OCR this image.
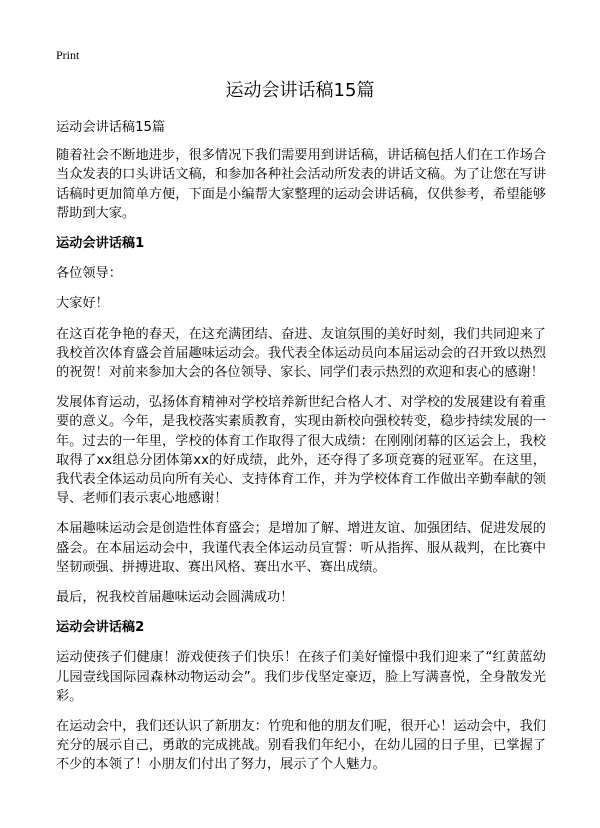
Print
运动会讲话稿15篇

运动会讲话稿15篇

随着社会不断地进步，很多情况下我们需要用到讲话稿，讲话稿包括人们在工作场合当众发表的口头讲话文稿，和参加各种社会活动所发表的讲话文稿。为了让您在写讲话稿时更加简单方便，下面是小编帮大家整理的运动会讲话稿，仅供参考，希望能够帮助到大家。

运动会讲话稿1

各位领导：

大家好！

在这百花争艳的春天，在这充满团结、奋进、友谊氛围的美好时刻，我们共同迎来了我校首次体育盛会首届趣味运动会。我代表全体运动员向本届运动会的召开致以热烈的祝贺！对前来参加大会的各位领导、家长、同学们表示热烈的欢迎和衷心的感谢！

发展体育运动，弘扬体育精神对学校培养新世纪合格人才、对学校的发展建设有着重要的意义。今年，是我校落实素质教育，实现由新校向强校转变，稳步持续发展的一年。过去的一年里，学校的体育工作取得了很大成绩：在刚刚闭幕的区运会上，我校取得了xx组总分团体第xx的好成绩，此外，还夺得了多项竞赛的冠亚军。在这里，我代表全体运动员向所有关心、支持体育工作，并为学校体育工作做出辛勤奉献的领导、老师们表示衷心地感谢！

本届趣味运动会是创造性体育盛会；是增加了解、增进友谊、加强团结、促进发展的盛会。在本届运动会中，我谨代表全体运动员宣誓：听从指挥、服从裁判，在比赛中坚韧顽强、拼搏进取、赛出风格、赛出水平、赛出成绩。

最后，祝我校首届趣味运动会圆满成功！

运动会讲话稿2

运动使孩子们健康！游戏使孩子们快乐！在孩子们美好憧憬中我们迎来了“红黄蓝幼儿园壹线国际园森林动物运动会”。我们步伐坚定豪迈，脸上写满喜悦，全身散发光彩。

在运动会中，我们还认识了新朋友：竹兜和他的朋友们呢，很开心！运动会中，我们充分的展示自己，勇敢的完成挑战。别看我们年纪小，在幼儿园的日子里，已掌握了不少的本领了！小朋友们付出了努力，展示了个人魅力。
